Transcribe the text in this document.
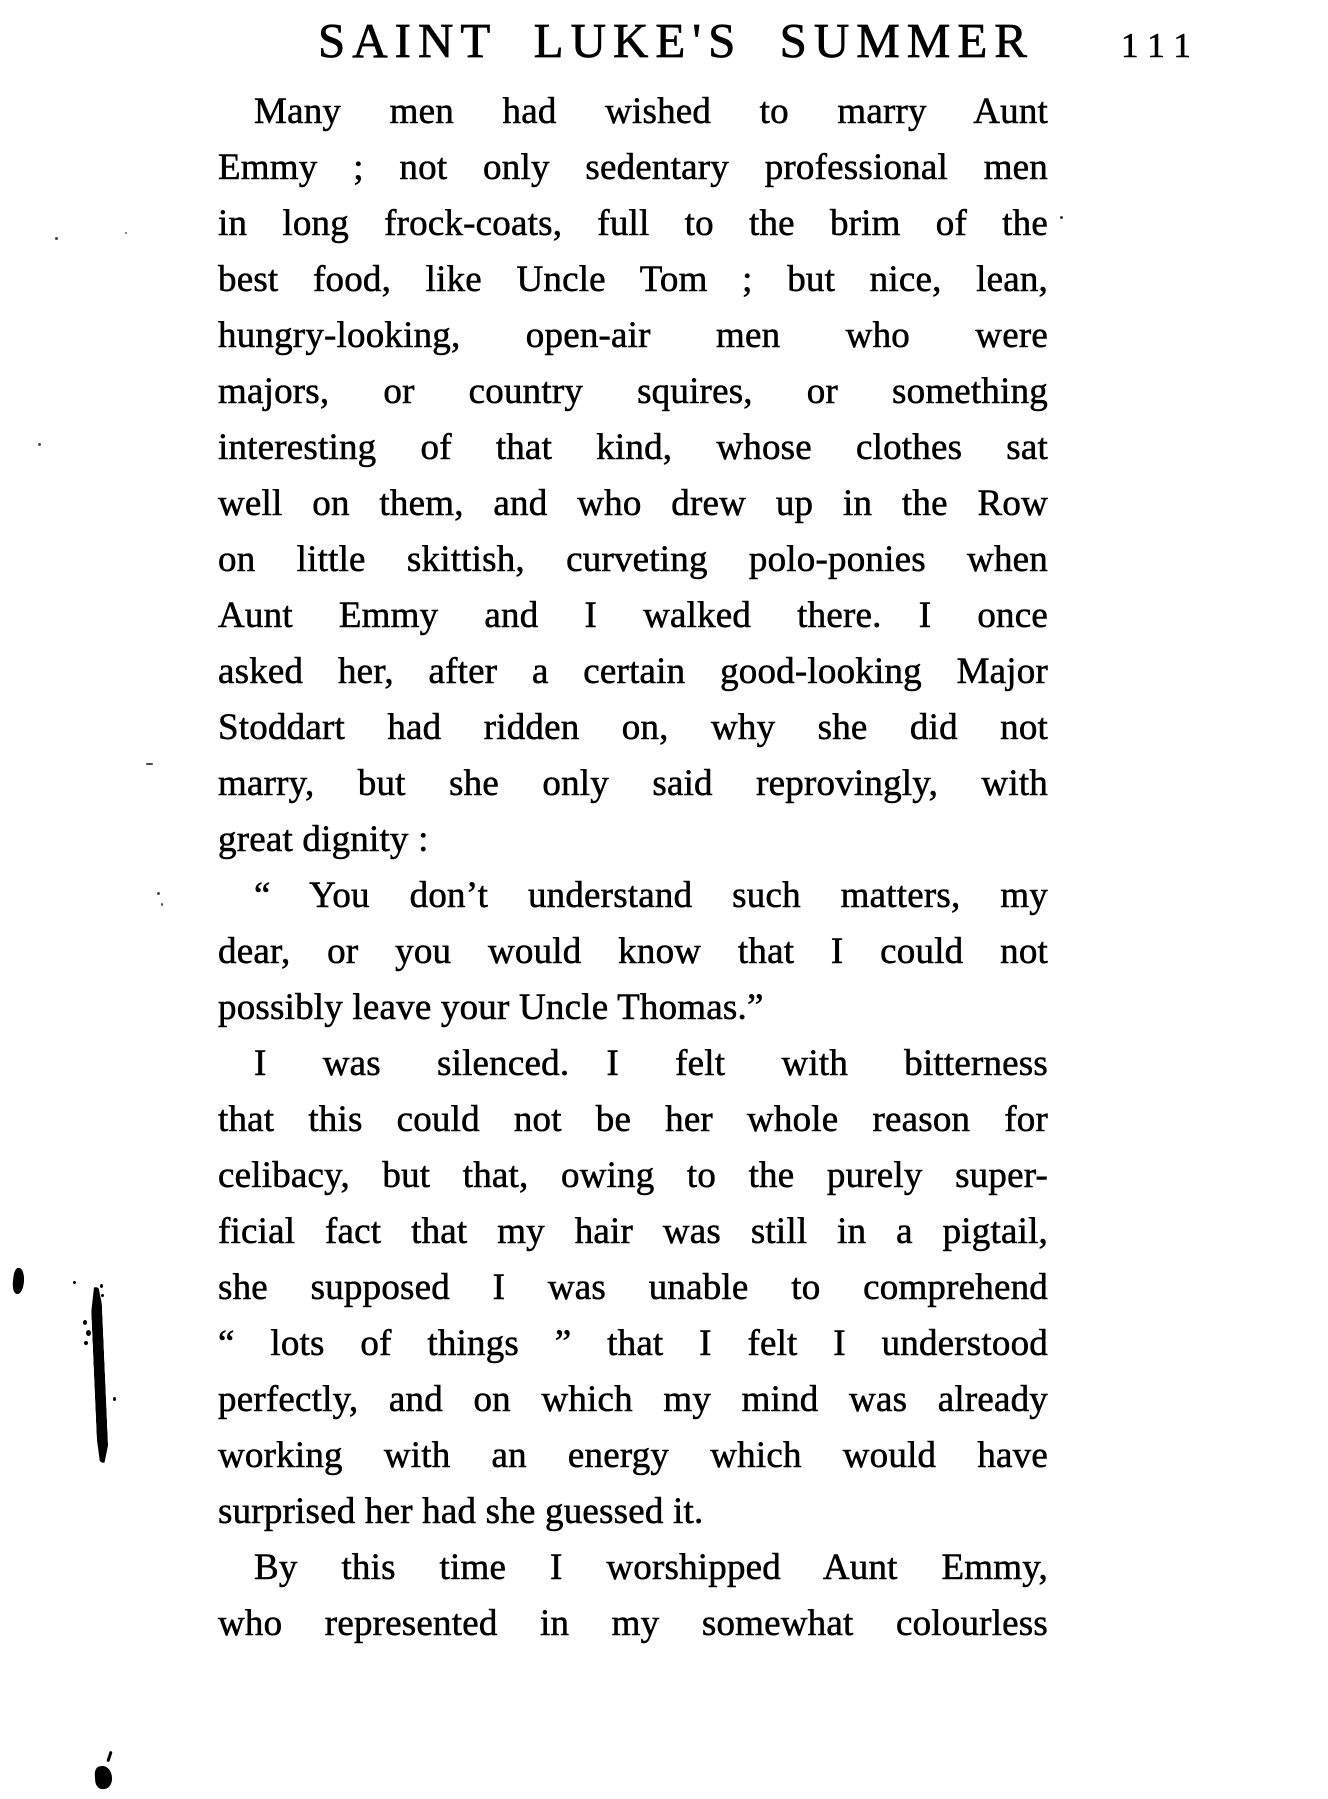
SAINT LUKE'S SUMMER 111
Many men had wished to marry Aunt
Emmy ; not only sedentary professional men
in long frock-coats, full to the brim of the
best food, like Uncle Tom ; but nice, lean,
hungry-looking, open-air men who were
majors, or country squires, or something
interesting of that kind, whose clothes sat
well on them, and who drew up in the Row
on little skittish, curveting polo-ponies when
Aunt Emmy and I walked there. I once
asked her, after a certain good-looking Major
Stoddart had ridden on, why she did not
marry, but she only said reprovingly, with
great dignity :
“ You don’t understand such matters, my
dear, or you would know that I could not
possibly leave your Uncle Thomas.”
I was silenced. I felt with bitterness
that this could not be her whole reason for
celibacy, but that, owing to the purely super-
ficial fact that my hair was still in a pigtail,
she supposed I was unable to comprehend
“ lots of things ” that I felt I understood
perfectly, and on which my mind was already
working with an energy which would have
surprised her had she guessed it.
By this time I worshipped Aunt Emmy,
who represented in my somewhat colourless
